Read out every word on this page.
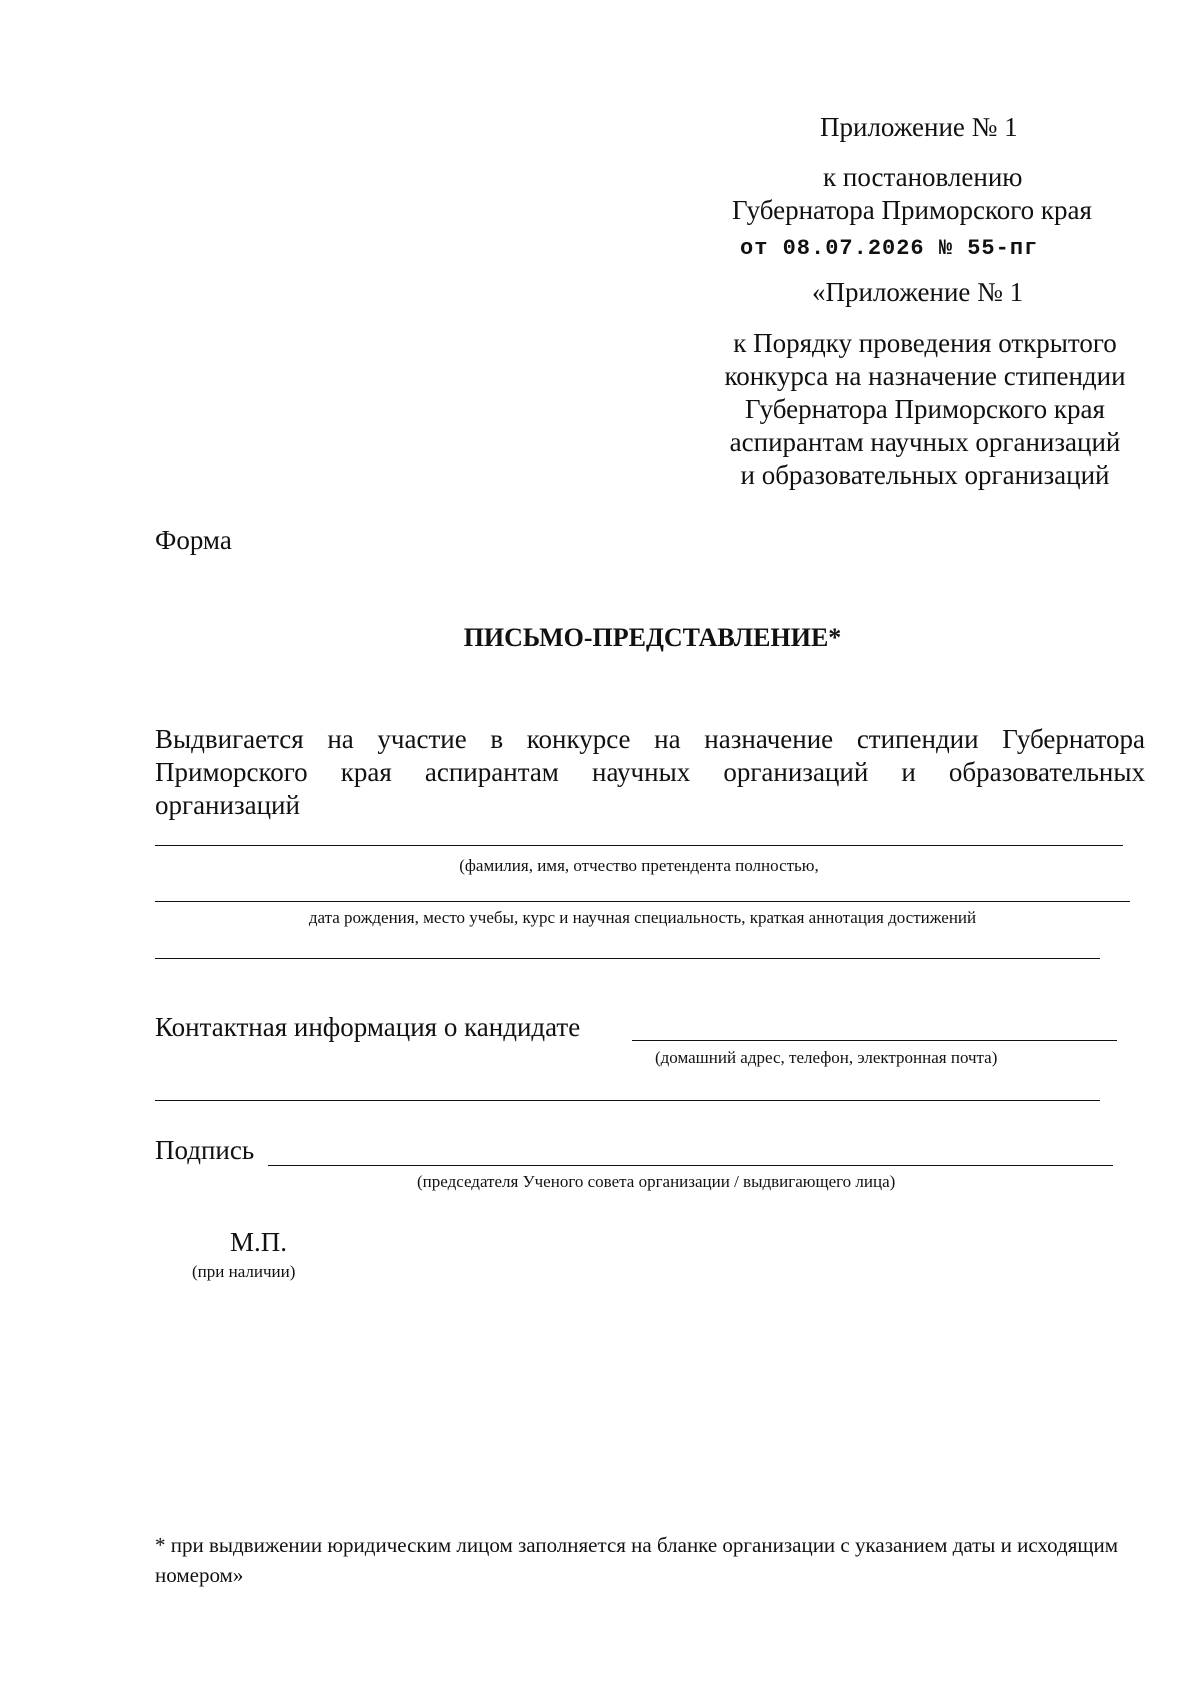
Приложение № 1
к постановлению
Губернатора Приморского края
от 08.07.2026 № 55-пг
«Приложение № 1
к Порядку проведения открытого
конкурса на назначение стипендии
Губернатора Приморского края
аспирантам научных организаций
и образовательных организаций
Форма
ПИСЬМО-ПРЕДСТАВЛЕНИЕ*
Выдвигается на участие в конкурсе на назначение стипендии Губернатора
Приморского края аспирантам научных организаций и образовательных
организаций
(фамилия, имя, отчество претендента полностью,
дата рождения, место учебы, курс и научная специальность, краткая аннотация достижений
Контактная информация о кандидате
(домашний адрес, телефон, электронная почта)
Подпись
(председателя Ученого совета организации / выдвигающего лица)
М.П.
(при наличии)
* при выдвижении юридическим лицом заполняется на бланке организации с указанием даты и исходящим номером»
